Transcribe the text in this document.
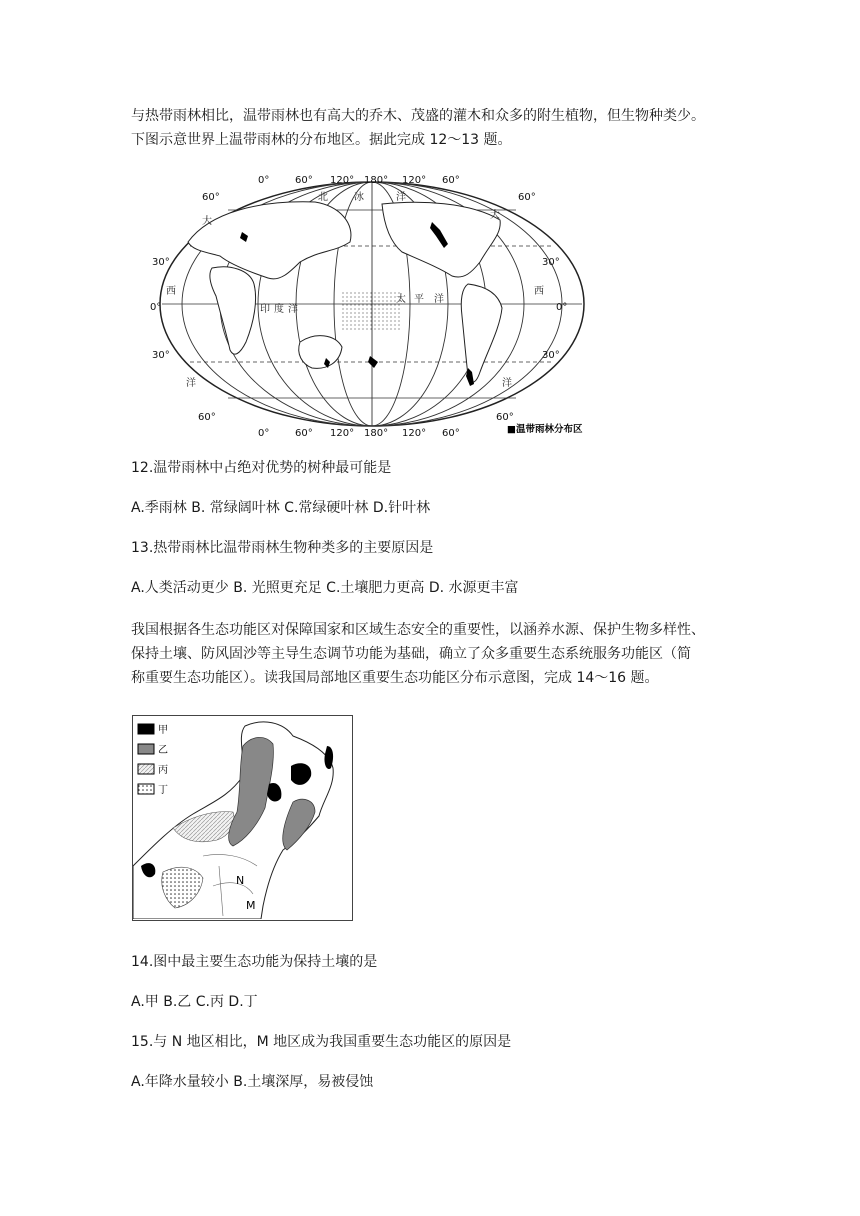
与热带雨林相比，温带雨林也有高大的乔木、茂盛的灌木和众多的附生植物，但生物种类少。
下图示意世界上温带雨林的分布地区。据此完成 12～13 题。
0°	60° 120° 180° 120° 60°
0°	60° 120° 180° 120° 60°
60°
30°
0°
30°
60°
60°
30°
0°
30°
60°
北	冰	洋
大
大
西	西
洋	洋
印 度 洋
太 平 洋
■温带雨林分布区

12.温带雨林中占绝对优势的树种最可能是

A.季雨林 B. 常绿阔叶林 C.常绿硬叶林 D.针叶林

13.热带雨林比温带雨林生物种类多的主要原因是

A.人类活动更少 B. 光照更充足 C.土壤肥力更高 D. 水源更丰富

我国根据各生态功能区对保障国家和区域生态安全的重要性，以涵养水源、保护生物多样性、
保持土壤、防风固沙等主导生态调节功能为基础，确立了众多重要生态系统服务功能区（简
称重要生态功能区）。读我国局部地区重要生态功能区分布示意图，完成 14～16 题。
甲
乙
丙
丁
N
M

14.图中最主要生态功能为保持土壤的是

A.甲 B.乙 C.丙 D.丁

15.与 N 地区相比，M 地区成为我国重要生态功能区的原因是

A.年降水量较小 B.土壤深厚，易被侵蚀
